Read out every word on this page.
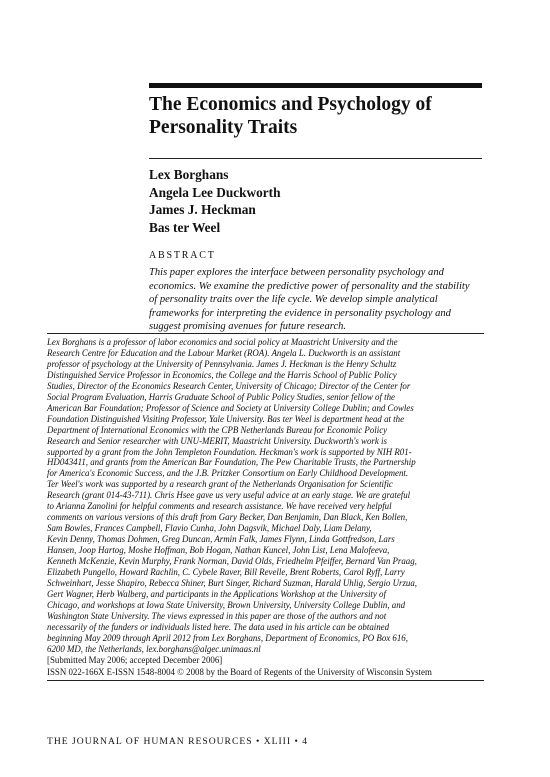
The Economics and Psychology of
Personality Traits
Lex Borghans
Angela Lee Duckworth
James J. Heckman
Bas ter Weel
ABSTRACT
This paper explores the interface between personality psychology and
economics. We examine the predictive power of personality and the stability
of personality traits over the life cycle. We develop simple analytical
frameworks for interpreting the evidence in personality psychology and
suggest promising avenues for future research.
Lex Borghans is a professor of labor economics and social policy at Maastricht University and the
Research Centre for Education and the Labour Market (ROA). Angela L. Duckworth is an assistant
professor of psychology at the University of Pennsylvania. James J. Heckman is the Henry Schultz
Distinguished Service Professor in Economics, the College and the Harris School of Public Policy
Studies, Director of the Economics Research Center, University of Chicago; Director of the Center for
Social Program Evaluation, Harris Graduate School of Public Policy Studies, senior fellow of the
American Bar Foundation; Professor of Science and Society at University College Dublin; and Cowles
Foundation Distinguished Visiting Professor, Yale University. Bas ter Weel is department head at the
Department of International Economics with the CPB Netherlands Bureau for Economic Policy
Research and Senior researcher with UNU-MERIT, Maastricht University. Duckworth's work is
supported by a grant from the John Templeton Foundation. Heckman's work is supported by NIH R01-
HD043411, and grants from the American Bar Foundation, The Pew Charitable Trusts, the Partnership
for America's Economic Success, and the J.B. Pritzker Consortium on Early Childhood Development.
Ter Weel's work was supported by a research grant of the Netherlands Organisation for Scientific
Research (grant 014-43-711). Chris Hsee gave us very useful advice at an early stage. We are grateful
to Arianna Zanolini for helpful comments and research assistance. We have received very helpful
comments on various versions of this draft from Gary Becker, Dan Benjamin, Dan Black, Ken Bollen,
Sam Bowles, Frances Campbell, Flavio Cunha, John Dagsvik, Michael Daly, Liam Delany,
Kevin Denny, Thomas Dohmen, Greg Duncan, Armin Falk, James Flynn, Linda Gottfredson, Lars
Hansen, Joop Hartog, Moshe Hoffman, Bob Hogan, Nathan Kuncel, John List, Lena Malofeeva,
Kenneth McKenzie, Kevin Murphy, Frank Norman, David Olds, Friedhelm Pfeiffer, Bernard Van Praag,
Elizabeth Pungello, Howard Rachlin, C. Cybele Raver, Bill Revelle, Brent Roberts, Carol Ryff, Larry
Schweinhart, Jesse Shapiro, Rebecca Shiner, Burt Singer, Richard Suzman, Harald Uhlig, Sergio Urzua,
Gert Wagner, Herb Walberg, and participants in the Applications Workshop at the University of
Chicago, and workshops at Iowa State University, Brown University, University College Dublin, and
Washington State University. The views expressed in this paper are those of the authors and not
necessarily of the funders or individuals listed here. The data used in his article can be obtained
beginning May 2009 through April 2012 from Lex Borghans, Department of Economics, PO Box 616,
6200 MD, the Netherlands, lex.borghans@algec.unimaas.nl
[Submitted May 2006; accepted December 2006]
ISSN 022-166X E-ISSN 1548-8004 © 2008 by the Board of Regents of the University of Wisconsin System
THE JOURNAL OF HUMAN RESOURCES • XLIII • 4
